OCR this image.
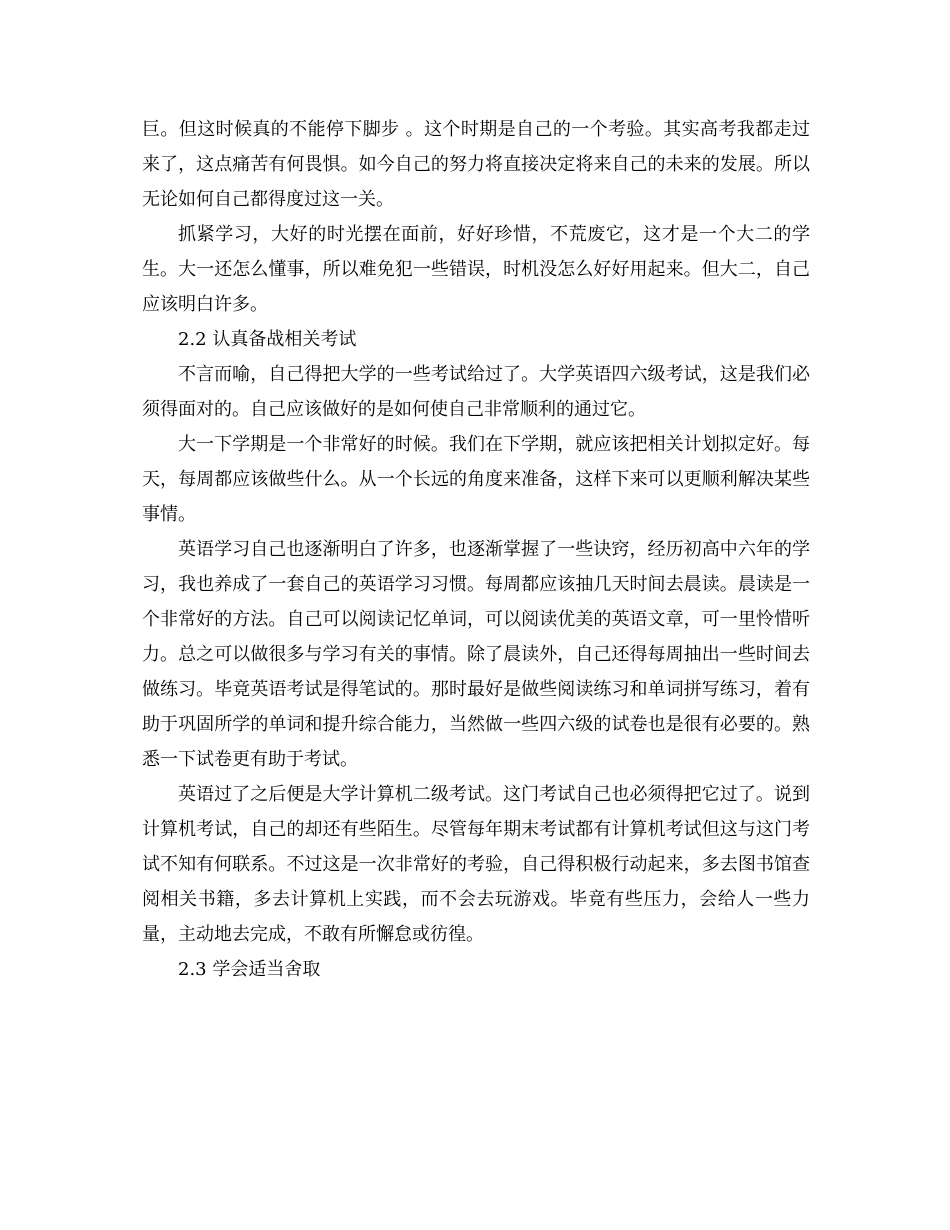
巨。但这时候真的不能停下脚步 。这个时期是自己的一个考验。其实高考我都走过来了，这点痛苦有何畏惧。如今自己的努力将直接决定将来自己的未来的发展。所以无论如何自己都得度过这一关。

抓紧学习，大好的时光摆在面前，好好珍惜，不荒废它，这才是一个大二的学生。大一还怎么懂事，所以难免犯一些错误，时机没怎么好好用起来。但大二，自己应该明白许多。

2.2 认真备战相关考试

不言而喻，自己得把大学的一些考试给过了。大学英语四六级考试，这是我们必须得面对的。自己应该做好的是如何使自己非常顺利的通过它。

大一下学期是一个非常好的时候。我们在下学期，就应该把相关计划拟定好。每天，每周都应该做些什么。从一个长远的角度来准备，这样下来可以更顺利解决某些事情。

英语学习自己也逐渐明白了许多，也逐渐掌握了一些诀窍，经历初高中六年的学习，我也养成了一套自己的英语学习习惯。每周都应该抽几天时间去晨读。晨读是一个非常好的方法。自己可以阅读记忆单词，可以阅读优美的英语文章，可一里怜惜听力。总之可以做很多与学习有关的事情。除了晨读外，自己还得每周抽出一些时间去做练习。毕竟英语考试是得笔试的。那时最好是做些阅读练习和单词拼写练习，着有助于巩固所学的单词和提升综合能力，当然做一些四六级的试卷也是很有必要的。熟悉一下试卷更有助于考试。

英语过了之后便是大学计算机二级考试。这门考试自己也必须得把它过了。说到计算机考试，自己的却还有些陌生。尽管每年期末考试都有计算机考试但这与这门考试不知有何联系。不过这是一次非常好的考验，自己得积极行动起来，多去图书馆查阅相关书籍，多去计算机上实践，而不会去玩游戏。毕竟有些压力，会给人一些力量，主动地去完成，不敢有所懈怠或彷徨。

2.3 学会适当舍取
